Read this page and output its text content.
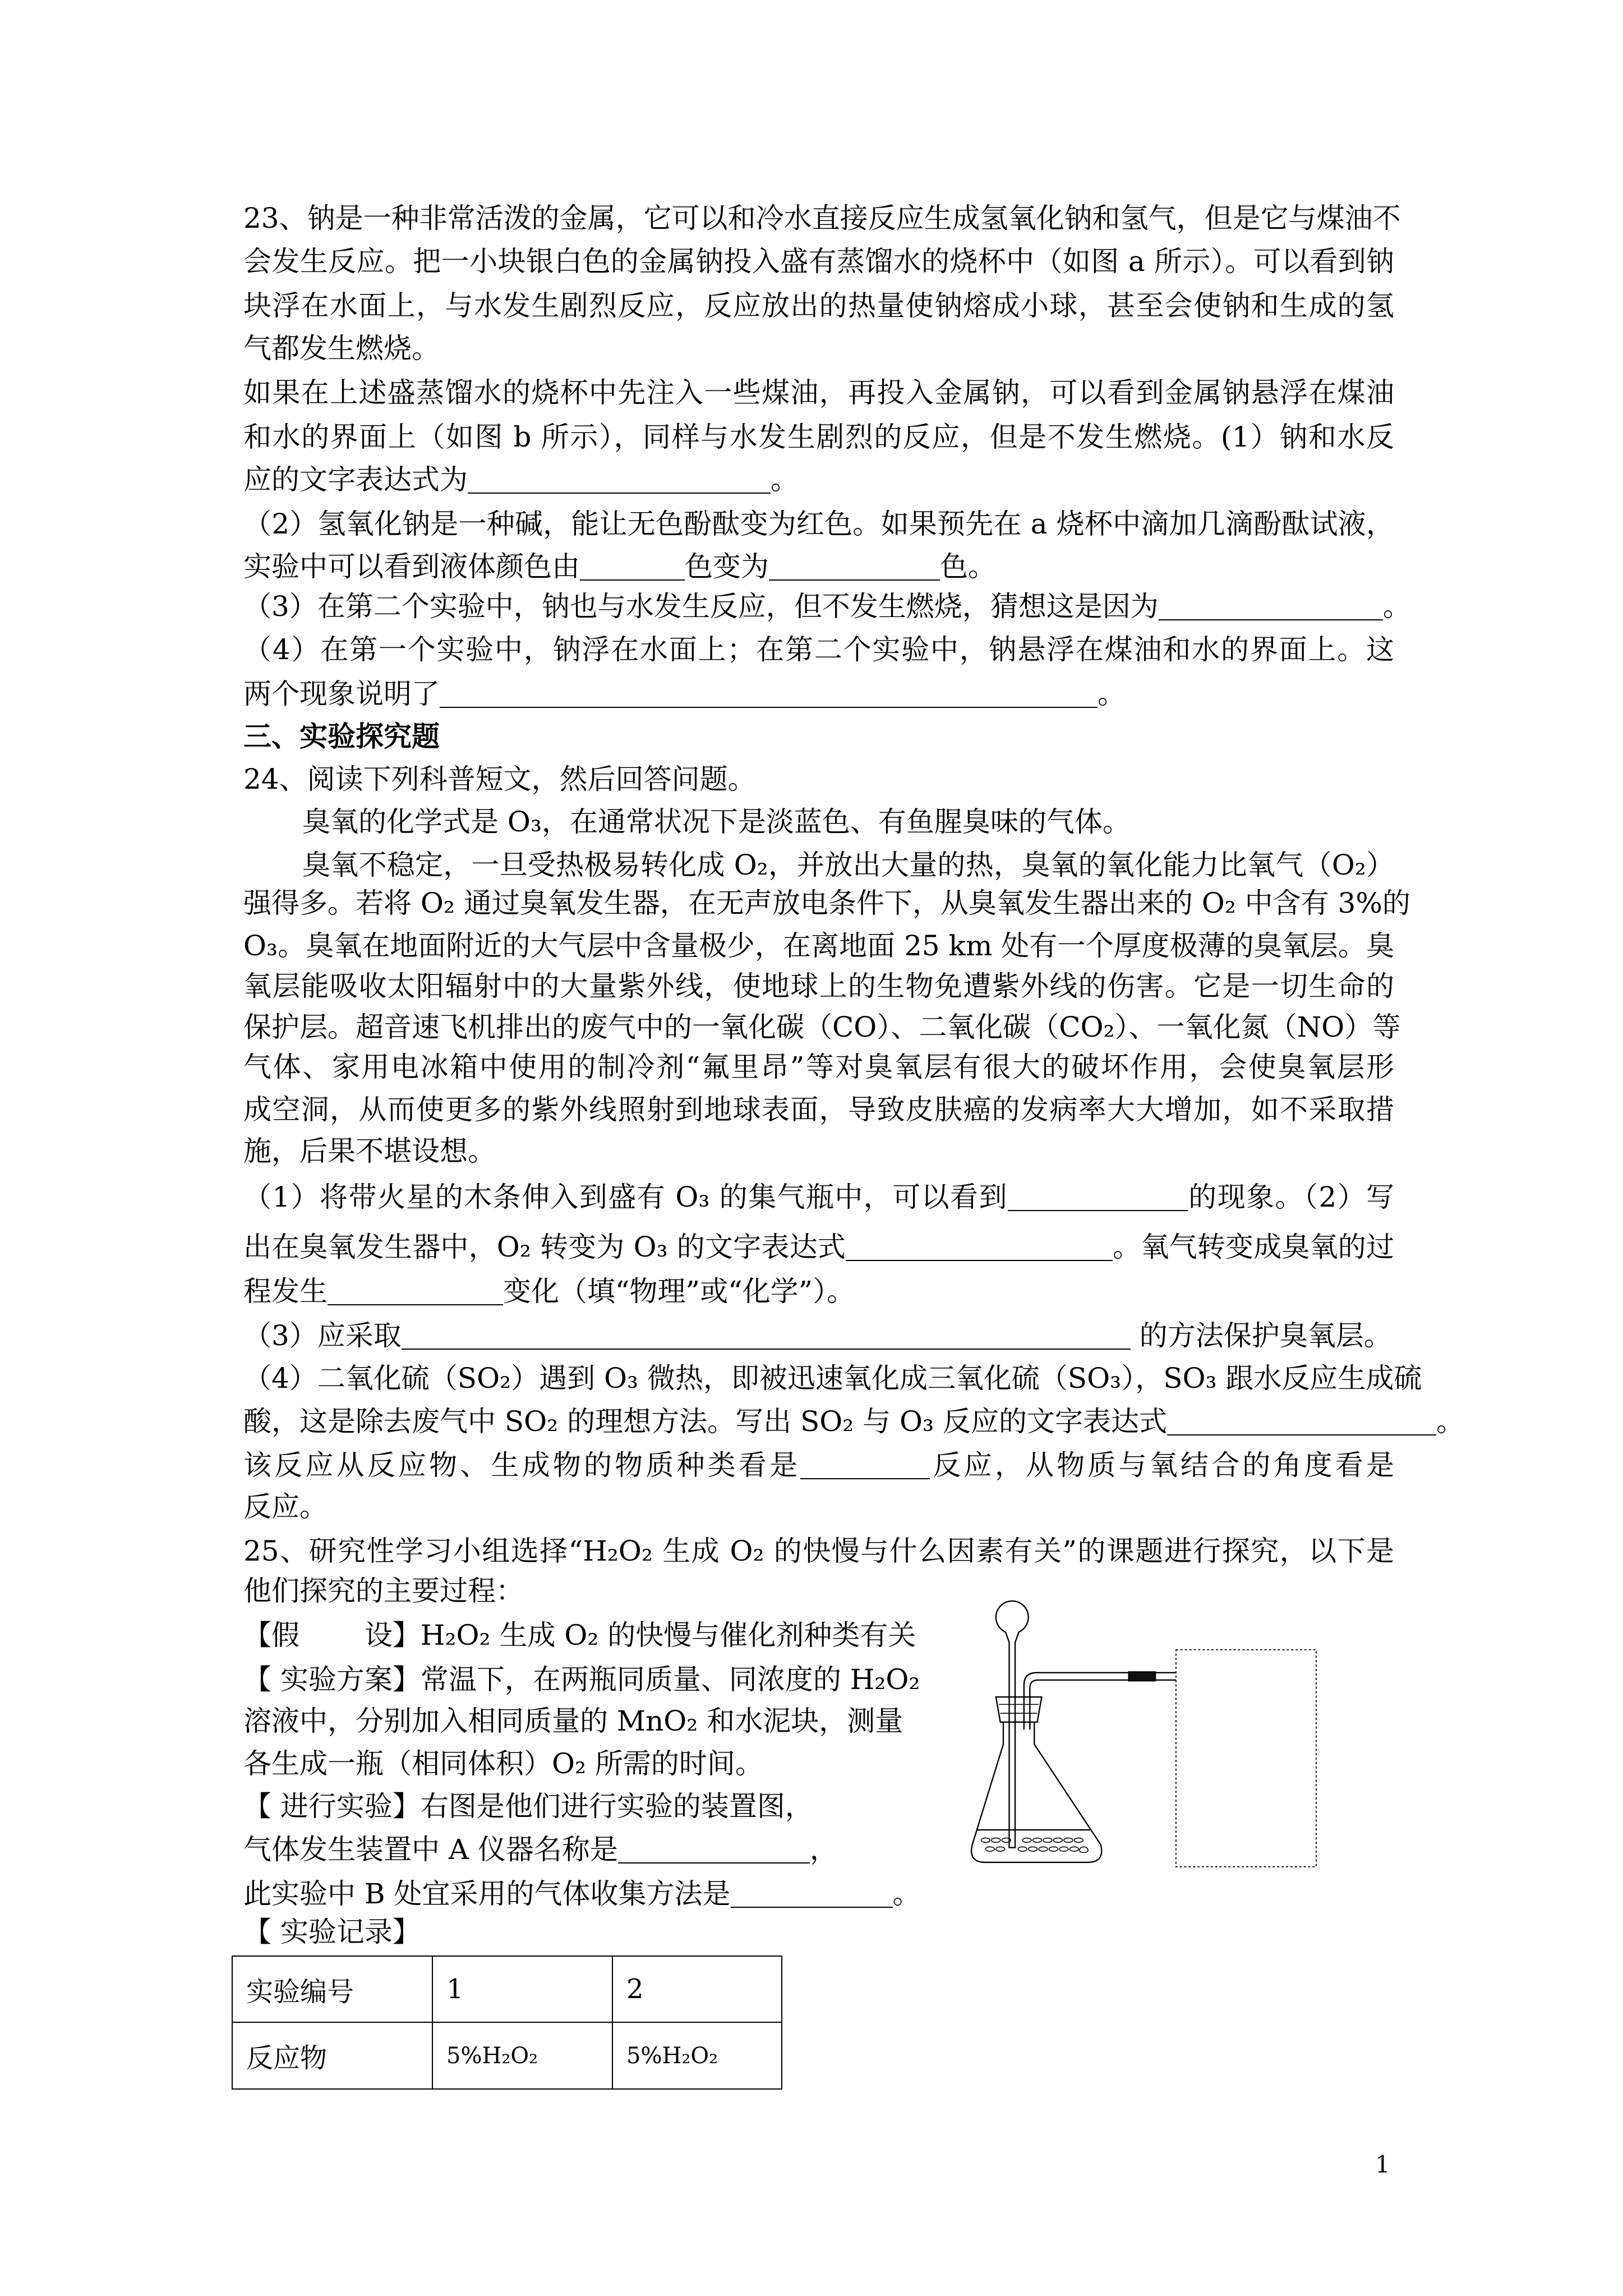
23、钠是一种非常活泼的金属，它可以和冷水直接反应生成氢氧化钠和氢气，但是它与煤油不
会发生反应。把一小块银白色的金属钠投入盛有蒸馏水的烧杯中（如图 a 所示）。可以看到钠
块浮在水面上，与水发生剧烈反应，反应放出的热量使钠熔成小球，甚至会使钠和生成的氢
气都发生燃烧。
如果在上述盛蒸馏水的烧杯中先注入一些煤油，再投入金属钠，可以看到金属钠悬浮在煤油
和水的界面上（如图 b 所示），同样与水发生剧烈的反应，但是不发生燃烧。(1）钠和水反
应的文字表达式为	。
（2）氢氧化钠是一种碱，能让无色酚酞变为红色。如果预先在 a 烧杯中滴加几滴酚酞试液，
实验中可以看到液体颜色由	色变为	色。
（3）在第二个实验中，钠也与水发生反应，但不发生燃烧，猜想这是因为	。
（4）在第一个实验中，钠浮在水面上；在第二个实验中，钠悬浮在煤油和水的界面上。这
两个现象说明了	。
三、实验探究题
24、阅读下列科普短文，然后回答问题。
臭氧的化学式是 O₃，在通常状况下是淡蓝色、有鱼腥臭味的气体。
臭氧不稳定，一旦受热极易转化成 O₂，并放出大量的热，臭氧的氧化能力比氧气（O₂）
强得多。若将 O₂ 通过臭氧发生器，在无声放电条件下，从臭氧发生器出来的 O₂ 中含有 3%的
O₃。臭氧在地面附近的大气层中含量极少，在离地面 25 km 处有一个厚度极薄的臭氧层。臭
氧层能吸收太阳辐射中的大量紫外线，使地球上的生物免遭紫外线的伤害。它是一切生命的
保护层。超音速飞机排出的废气中的一氧化碳（CO）、二氧化碳（CO₂）、一氧化氮（NO）等
气体、家用电冰箱中使用的制冷剂“氟里昂”等对臭氧层有很大的破坏作用，会使臭氧层形
成空洞，从而使更多的紫外线照射到地球表面，导致皮肤癌的发病率大大增加，如不采取措
施，后果不堪设想。
（1）将带火星的木条伸入到盛有 O₃ 的集气瓶中，可以看到	的现象。（2）写
出在臭氧发生器中，O₂ 转变为 O₃ 的文字表达式	。氧气转变成臭氧的过
程发生	变化（填“物理”或“化学”）。
（3）应采取	的方法保护臭氧层。
（4）二氧化硫（SO₂）遇到 O₃ 微热，即被迅速氧化成三氧化硫（SO₃），SO₃ 跟水反应生成硫
酸，这是除去废气中 SO₂ 的理想方法。写出 SO₂ 与 O₃ 反应的文字表达式	。
该反应从反应物、生成物的物质种类看是	反应，从物质与氧结合的角度看是
反应。
25、研究性学习小组选择“H₂O₂ 生成 O₂ 的快慢与什么因素有关”的课题进行探究，以下是
他们探究的主要过程：
【假　　 设】H₂O₂ 生成 O₂ 的快慢与催化剂种类有关
【 实验方案】常温下，在两瓶同质量、同浓度的 H₂O₂
溶液中，分别加入相同质量的 MnO₂ 和水泥块，测量
各生成一瓶（相同体积）O₂ 所需的时间。
【 进行实验】右图是他们进行实验的装置图，
气体发生装置中 A 仪器名称是	，
此实验中 B 处宜采用的气体收集方法是	。
【 实验记录】
实验编号	1	2
反应物	5%H₂O₂	5%H₂O₂
1
